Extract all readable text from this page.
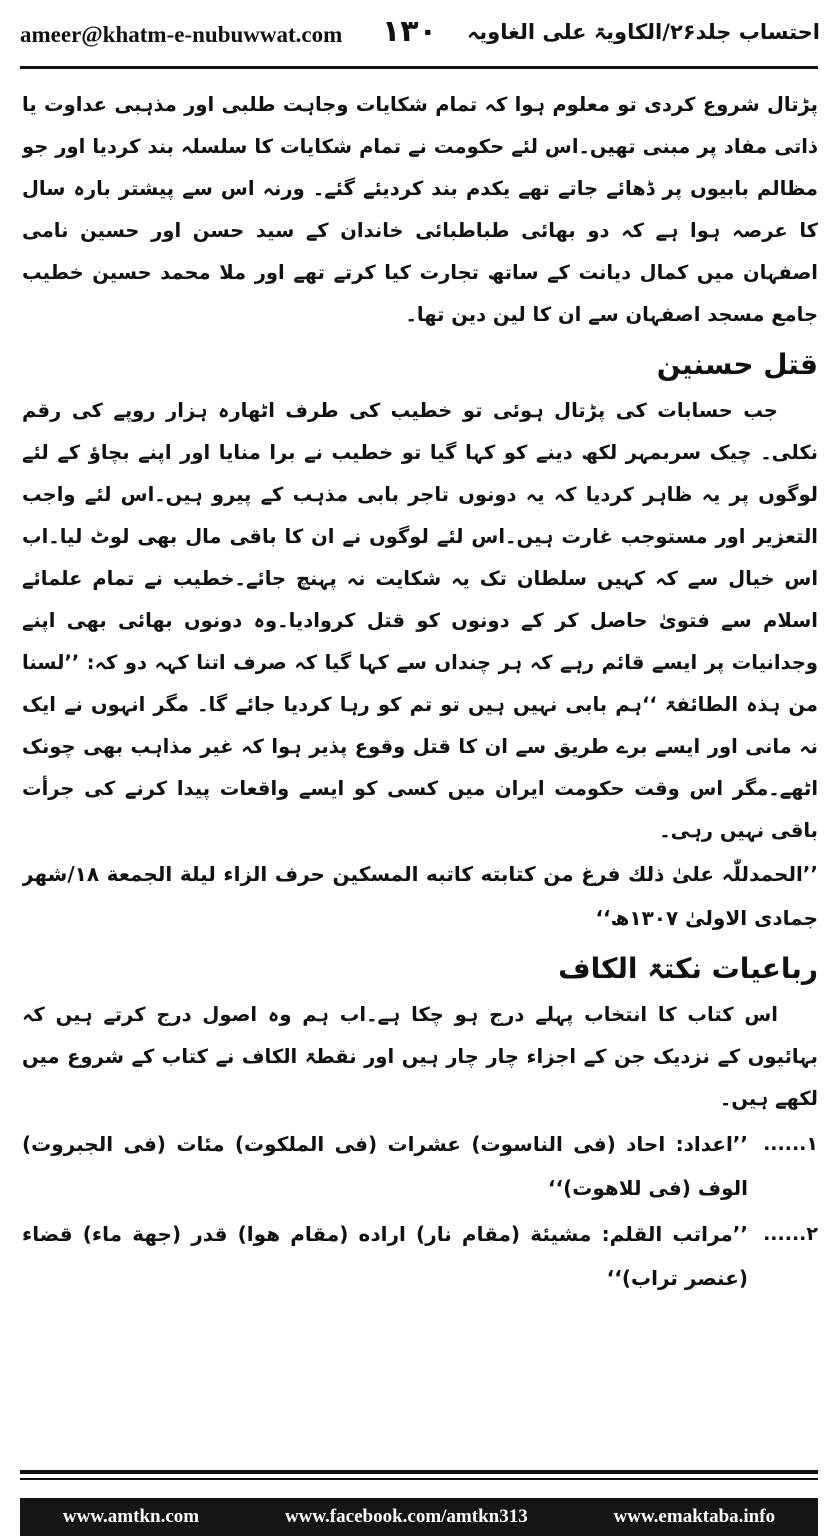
ameer@khatm-e-nubuwwat.com ۱۳۰ احتساب جلد۲۶/الکاویۃ علی الغاویہ

پڑتال شروع کردی تو معلوم ہوا کہ تمام شکایات وجاہت طلبی اور مذہبی عداوت یا ذاتی مفاد پر مبنی تھیں۔اس لئے حکومت نے تمام شکایات کا سلسلہ بند کردیا اور جو مظالم بابیوں پر ڈھائے جاتے تھے یکدم بند کردیئے گئے۔ ورنہ اس سے پیشتر بارہ سال کا عرصہ ہوا ہے کہ دو بھائی طباطبائی خاندان کے سید حسن اور حسین نامی اصفہان میں کمال دیانت کے ساتھ تجارت کیا کرتے تھے اور ملا محمد حسین خطیب جامع مسجد اصفہان سے ان کا لین دین تھا۔

قتل حسنین

جب حسابات کی پڑتال ہوئی تو خطیب کی طرف اٹھارہ ہزار روپے کی رقم نکلی۔ چیک سربمہر لکھ دینے کو کہا گیا تو خطیب نے برا منایا اور اپنے بچاؤ کے لئے لوگوں پر یہ ظاہر کردیا کہ یہ دونوں تاجر بابی مذہب کے پیرو ہیں۔اس لئے واجب التعزیر اور مستوجب غارت ہیں۔اس لئے لوگوں نے ان کا باقی مال بھی لوٹ لیا۔اب اس خیال سے کہ کہیں سلطان تک یہ شکایت نہ پہنچ جائے۔خطیب نے تمام علمائے اسلام سے فتویٰ حاصل کر کے دونوں کو قتل کروادیا۔وہ دونوں بھائی بھی اپنے وجدانیات پر ایسے قائم رہے کہ ہر چنداں سے کہا گیا کہ صرف اتنا کہہ دو کہ: ’’لسنا من ہذہ الطائفۃ ‘‘ہم بابی نہیں ہیں تو تم کو رہا کردیا جائے گا۔ مگر انہوں نے ایک نہ مانی اور ایسے برے طریق سے ان کا قتل وقوع پذیر ہوا کہ غیر مذاہب بھی چونک اٹھے۔مگر اس وقت حکومت ایران میں کسی کو ایسے واقعات پیدا کرنے کی جرأت باقی نہیں رہی۔

’’الحمدللّٰہ علیٰ ذلك فرغ من کتابته کاتبه المسکین حرف الزاء لیلة الجمعة ۱۸/شهر جمادی الاولیٰ ۱۳۰۷ھ‘‘

رباعیات نکتۃ الکاف

اس کتاب کا انتخاب پہلے درج ہو چکا ہے۔اب ہم وہ اصول درج کرتے ہیں کہ بہائیوں کے نزدیک جن کے اجزاء چار چار ہیں اور نقطۃ الکاف نے کتاب کے شروع میں لکھے ہیں۔

۱......
’’اعداد: احاد (فی الناسوت) عشرات (فی الملکوت) مئات (فی الجبروت) الوف (فی للاهوت)‘‘
۲......
’’مراتب القلم: مشیئة (مقام نار) اراده (مقام هوا) قدر (جهة ماء) قضاء (عنصر تراب)‘‘
www.amtkn.com	www.facebook.com/amtkn313	www.emaktaba.info
